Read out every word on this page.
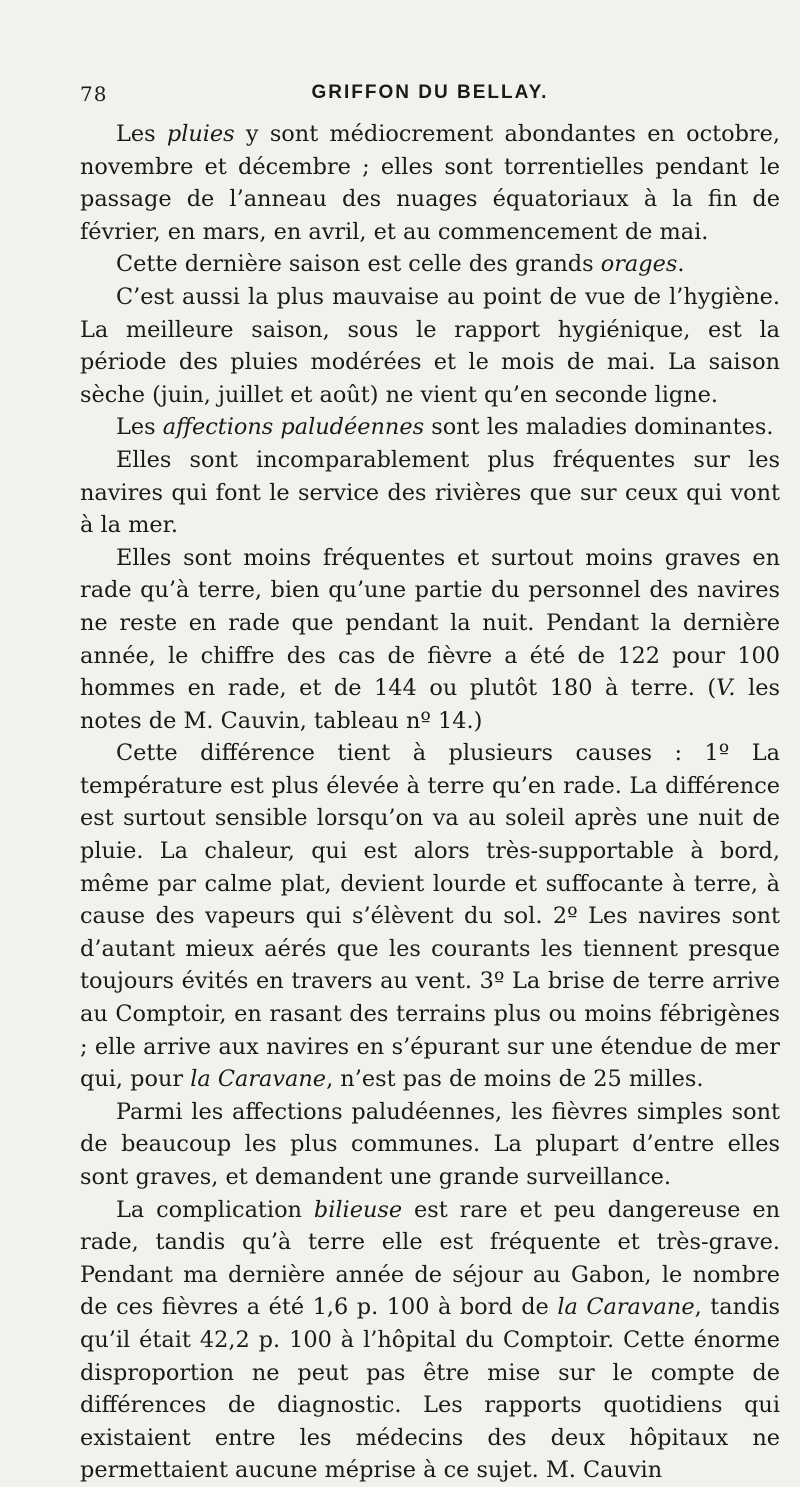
78	GRIFFON DU BELLAY.

Les pluies y sont médiocrement abondantes en octobre, novembre et décembre ; elles sont torrentielles pendant le passage de l’anneau des nuages équatoriaux à la fin de février, en mars, en avril, et au commencement de mai.

Cette dernière saison est celle des grands orages.

C’est aussi la plus mauvaise au point de vue de l’hygiène. La meilleure saison, sous le rapport hygiénique, est la période des pluies modérées et le mois de mai. La saison sèche (juin, juillet et août) ne vient qu’en seconde ligne.

Les affections paludéennes sont les maladies dominantes.

Elles sont incomparablement plus fréquentes sur les navires qui font le service des rivières que sur ceux qui vont à la mer.

Elles sont moins fréquentes et surtout moins graves en rade qu’à terre, bien qu’une partie du personnel des navires ne reste en rade que pendant la nuit. Pendant la dernière année, le chiffre des cas de fièvre a été de 122 pour 100 hommes en rade, et de 144 ou plutôt 180 à terre. (V. les notes de M. Cauvin, tableau nº 14.)

Cette différence tient à plusieurs causes : 1º La température est plus élevée à terre qu’en rade. La différence est surtout sensible lorsqu’on va au soleil après une nuit de pluie. La chaleur, qui est alors très-supportable à bord, même par calme plat, devient lourde et suffocante à terre, à cause des vapeurs qui s’élèvent du sol. 2º Les navires sont d’autant mieux aérés que les courants les tiennent presque toujours évités en travers au vent. 3º La brise de terre arrive au Comptoir, en rasant des terrains plus ou moins fébrigènes ; elle arrive aux navires en s’épurant sur une étendue de mer qui, pour la Caravane, n’est pas de moins de 25 milles.

Parmi les affections paludéennes, les fièvres simples sont de beaucoup les plus communes. La plupart d’entre elles sont graves, et demandent une grande surveillance.

La complication bilieuse est rare et peu dangereuse en rade, tandis qu’à terre elle est fréquente et très-grave. Pendant ma dernière année de séjour au Gabon, le nombre de ces fièvres a été 1,6 p. 100 à bord de la Caravane, tandis qu’il était 42,2 p. 100 à l’hôpital du Comptoir. Cette énorme disproportion ne peut pas être mise sur le compte de différences de diagnostic. Les rapports quotidiens qui existaient entre les médecins des deux hôpitaux ne permettaient aucune méprise à ce sujet. M. Cauvin
